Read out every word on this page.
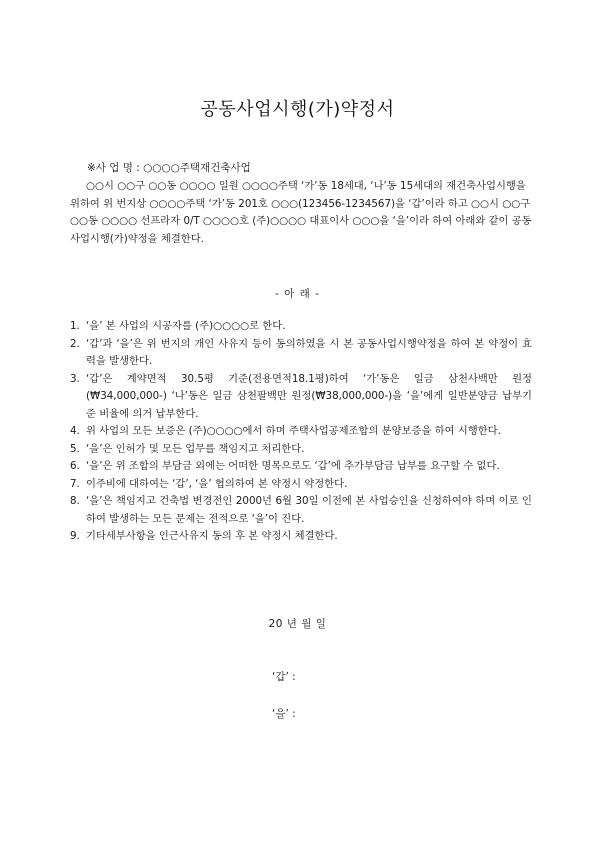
공동사업시행(가)약정서
※사 업 명 : ○○○○주택재건축사업
○○시 ○○구 ○○동 ○○○○ 일원 ○○○○주택 ‘가’동 18세대, ‘나’동 15세대의 재건축사업시행을 위하여 위 번지상 ○○○○주택 ‘가’동 201호 ○○○(123456-1234567)을 ‘갑’이라 하고 ○○시 ○○구 ○○동 ○○○○ 선프라자 0/T ○○○○호 (주)○○○○ 대표이사 ○○○을 ‘을’이라 하여 아래와 같이 공동사업시행(가)약정을 체결한다.
- 아 래 -
1. ‘을’ 본 사업의 시공자를 (주)○○○○로 한다.
2. ‘갑’과 ‘을’은 위 번지의 개인 사유지 등이 동의하였을 시 본 공동사업시행약정을 하여 본 약정이 효력을 발생한다.
3. ‘갑’은 계약면적 30.5평 기준(전용면적18.1평)하여 ‘가’동은 일금 삼천사백만 원정(₩34,000,000-) ‘나’동은 일금 삼천팔백만 원정(₩38,000,000-)을 ‘을’에게 일반분양금 납부기준 비율에 의거 납부한다.
4. 위 사업의 모든 보증은 (주)○○○○에서 하며 주택사업공제조합의 분양보증을 하여 시행한다.
5. ‘을’은 인허가 및 모든 업무를 책임지고 처리한다.
6. ‘을’은 위 조합의 부담금 외에는 어떠한 명목으로도 ‘갑’에 추가부담금 납부를 요구할 수 없다.
7. 이주비에 대하여는 ‘갑’, ‘을’ 협의하여 본 약정시 약정한다.
8. ‘을’은 책임지고 건축법 변경전인 2000년 6월 30일 이전에 본 사업승인을 신청하여야 하며 이로 인하여 발생하는 모든 문제는 전적으로 ‘을’이 진다.
9. 기타세부사항을 인근사유지 동의 후 본 약정시 체결한다.
20 년 월 일
‘갑’ :
‘을’ :
